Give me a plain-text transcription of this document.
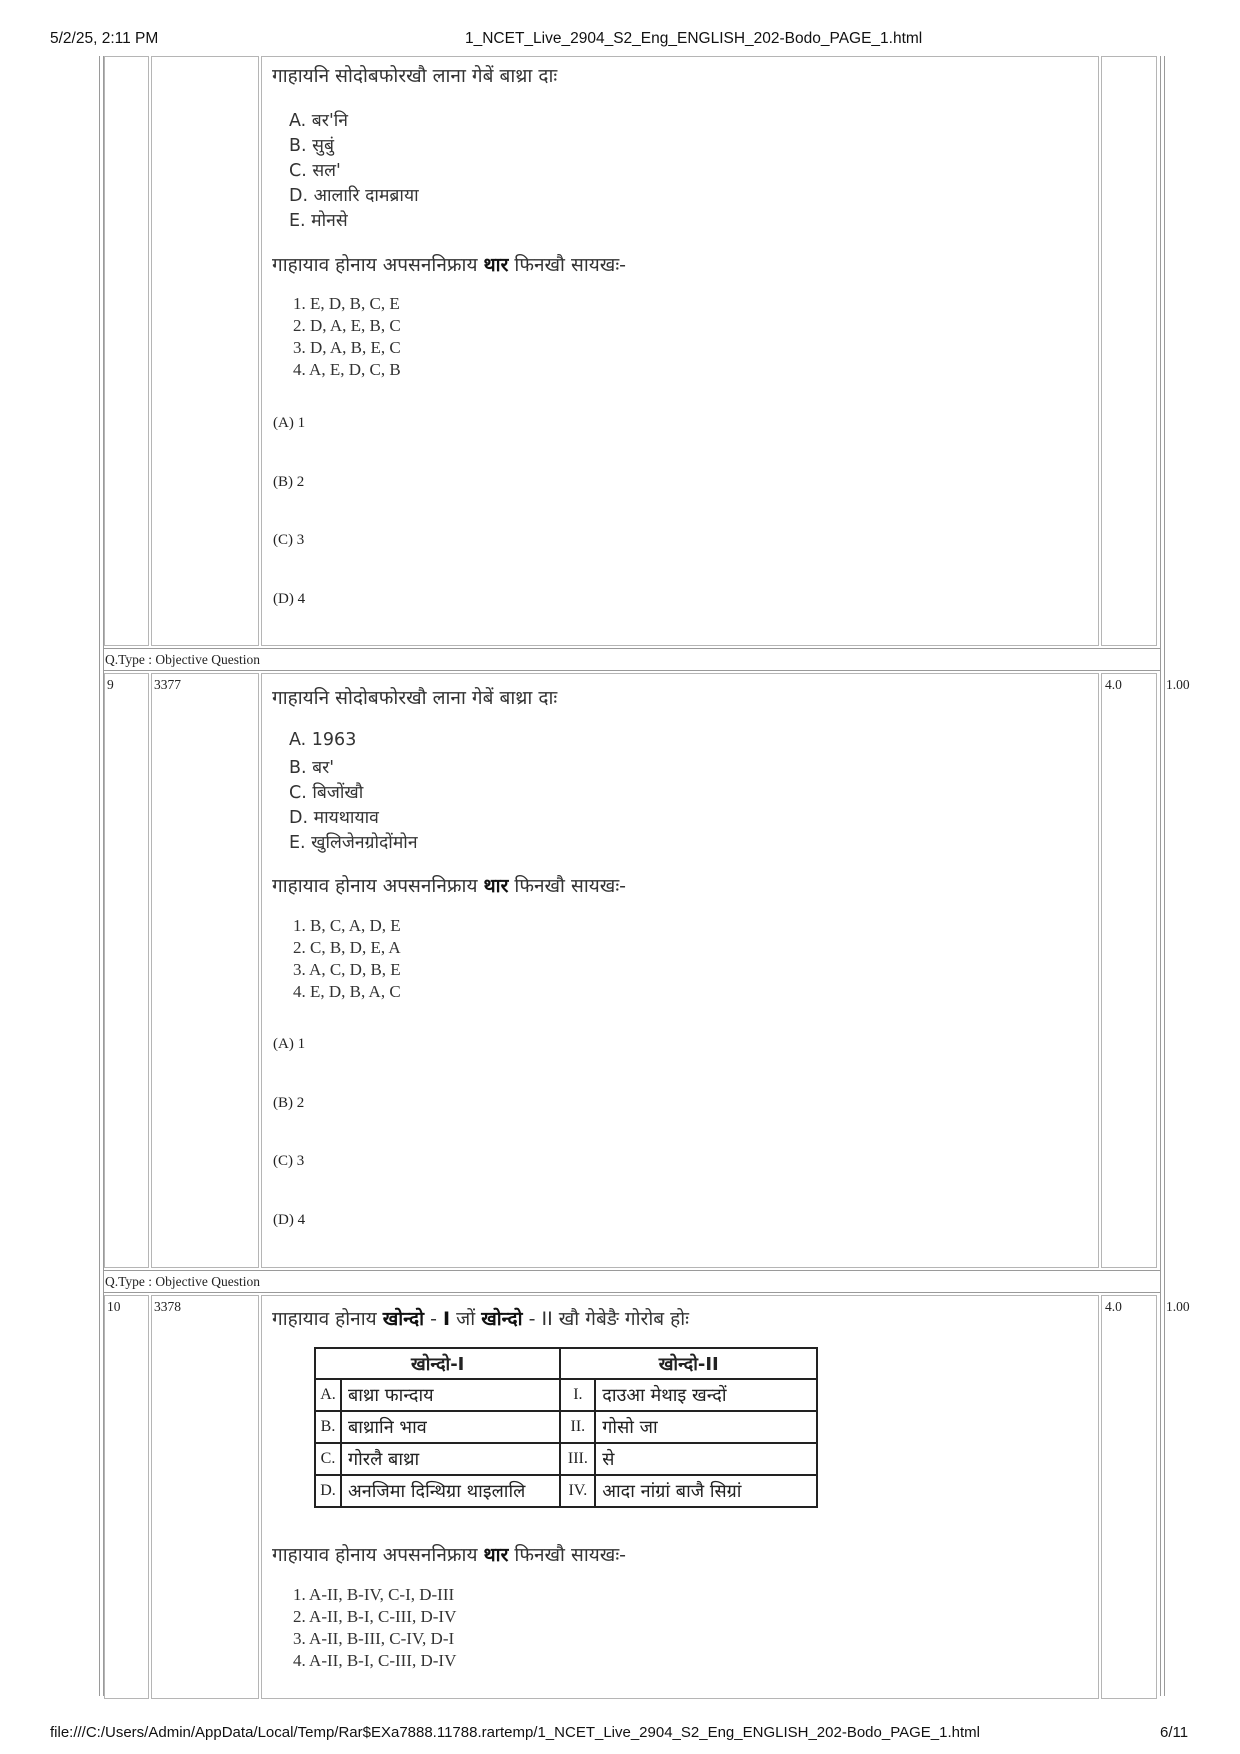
5/2/25, 2:11 PM	1_NCET_Live_2904_S2_Eng_ENGLISH_202-Bodo_PAGE_1.html
गाहायनि सोदोबफोरखौ लाना गेबें बाथ्रा दाः
A. बर'नि
B. सुबुं
C. सल'
D. आलारि दामब्राया
E. मोनसे
गाहायाव होनाय अपसननिफ्राय थार फिनखौ सायखः-
1. E, D, B, C, E
2. D, A, E, B, C
3. D, A, B, E, C
4. A, E, D, C, B
(A) 1
(B) 2
(C) 3
(D) 4
Q.Type : Objective Question
9	3377	4.0	1.00
गाहायनि सोदोबफोरखौ लाना गेबें बाथ्रा दाः
A. 1963
B. बर'
C. बिजोंखौ
D. मायथायाव
E. खुलिजेनग्रोदोंमोन
गाहायाव होनाय अपसननिफ्राय थार फिनखौ सायखः-
1. B, C, A, D, E
2. C, B, D, E, A
3. A, C, D, B, E
4. E, D, B, A, C
(A) 1
(B) 2
(C) 3
(D) 4
Q.Type : Objective Question
10 3378	4.0	1.00
गाहायाव होनाय खोन्दो - I जों खोन्दो - II खौ गेबेङै गोरोब होः
खोन्दो-I		खोन्दो-II	
A.	बाथ्रा फान्दाय	I.	दाउआ मेथाइ खन्दों
B.	बाथ्रानि भाव	II.	गोसो जा
C.	गोरलै बाथ्रा	III.	से
D.	अनजिमा दिन्थिग्रा थाइलालि	IV.	आदा नांग्रां बाजै सिग्रां
गाहायाव होनाय अपसननिफ्राय थार फिनखौ सायखः-
1. A-II, B-IV, C-I, D-III
2. A-II, B-I, C-III, D-IV
3. A-II, B-III, C-IV, D-I
4. A-II, B-I, C-III, D-IV
file:///C:/Users/Admin/AppData/Local/Temp/Rar$EXa7888.11788.rartemp/1_NCET_Live_2904_S2_Eng_ENGLISH_202-Bodo_PAGE_1.html	6/11
